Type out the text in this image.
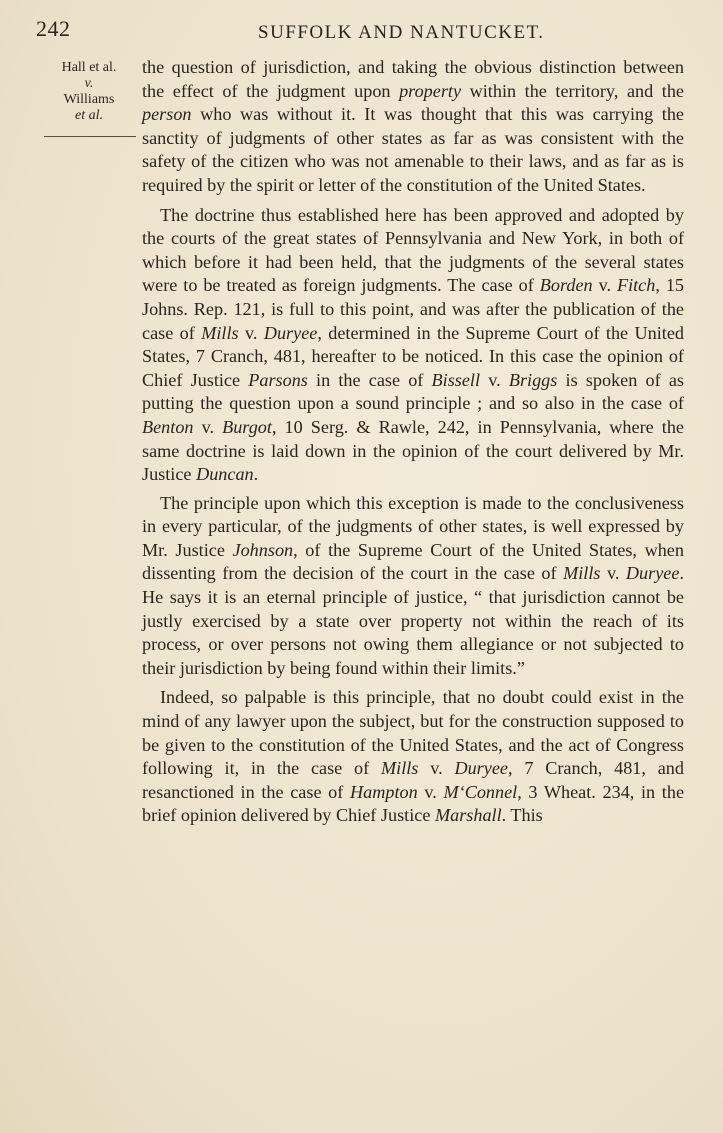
242	SUFFOLK AND NANTUCKET.
Hall et al.
v.
Williams
et al.

the question of jurisdiction, and taking the obvious distinction between the effect of the judgment upon property within the territory, and the person who was without it. It was thought that this was carrying the sanctity of judgments of other states as far as was consistent with the safety of the citizen who was not amenable to their laws, and as far as is required by the spirit or letter of the constitution of the United States.

The doctrine thus established here has been approved and adopted by the courts of the great states of Pennsylvania and New York, in both of which before it had been held, that the judgments of the several states were to be treated as foreign judgments. The case of Borden v. Fitch, 15 Johns. Rep. 121, is full to this point, and was after the publication of the case of Mills v. Duryee, determined in the Supreme Court of the United States, 7 Cranch, 481, hereafter to be noticed. In this case the opinion of Chief Justice Parsons in the case of Bissell v. Briggs is spoken of as putting the question upon a sound principle ; and so also in the case of Benton v. Burgot, 10 Serg. & Rawle, 242, in Pennsylvania, where the same doctrine is laid down in the opinion of the court delivered by Mr. Justice Duncan.

The principle upon which this exception is made to the conclusiveness in every particular, of the judgments of other states, is well expressed by Mr. Justice Johnson, of the Supreme Court of the United States, when dissenting from the decision of the court in the case of Mills v. Duryee. He says it is an eternal principle of justice, “ that jurisdiction cannot be justly exercised by a state over property not within the reach of its process, or over persons not owing them allegiance or not subjected to their jurisdiction by being found within their limits.”

Indeed, so palpable is this principle, that no doubt could exist in the mind of any lawyer upon the subject, but for the construction supposed to be given to the constitution of the United States, and the act of Congress following it, in the case of Mills v. Duryee, 7 Cranch, 481, and resanctioned in the case of Hampton v. M‘Connel, 3 Wheat. 234, in the brief opinion delivered by Chief Justice Marshall. This
